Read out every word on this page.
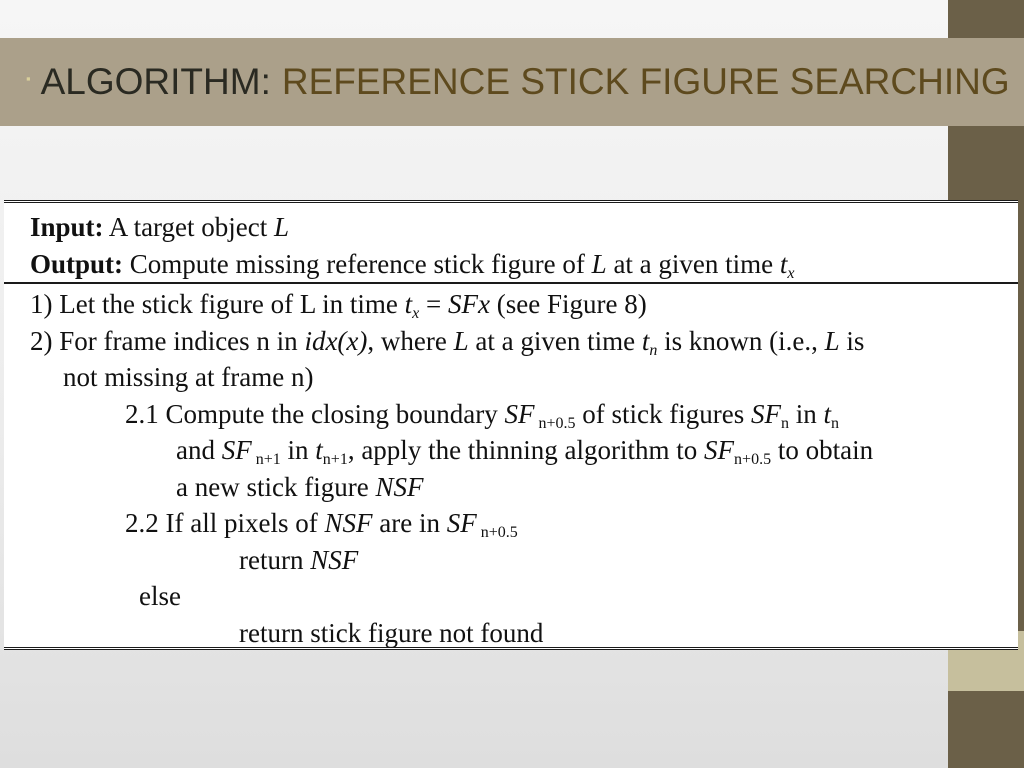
▪ ALGORITHM: REFERENCE STICK FIGURE SEARCHING
Input: A target object L
Output: Compute missing reference stick figure of L at a given time $t_x$
1) Let the stick figure of L in time $t_x$ = SFx (see Figure 8)
2) For frame indices n in idx(x), where L at a given time $t_n$ is known (i.e., L is
not missing at frame n)
2.1 Compute the closing boundary SF $_{n+0.5}$ of stick figures $SF_n$ in $t_n$
and SF $_{n+1}$ in $t_{n+1}$, apply the thinning algorithm to $SF_{n+0.5}$ to obtain
a new stick figure NSF
2.2 If all pixels of NSF are in SF $_{n+0.5}$
return NSF
else
return stick figure not found
